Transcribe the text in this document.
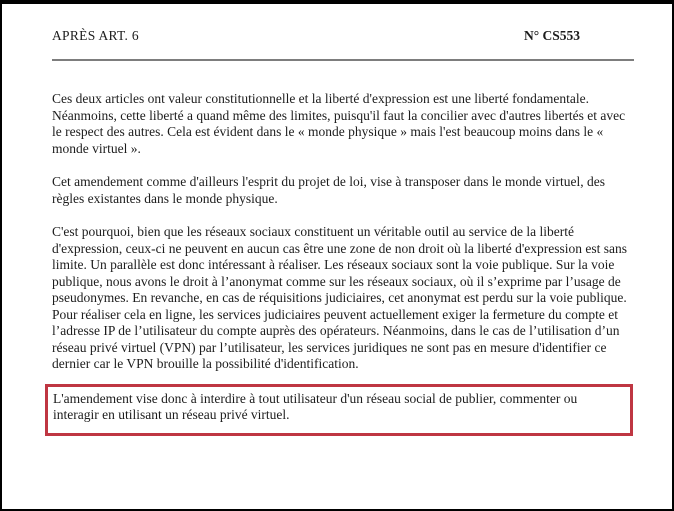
APRÈS ART. 6	N° CS553

Ces deux articles ont valeur constitutionnelle et la liberté d'expression est une liberté fondamentale. Néanmoins, cette liberté a quand même des limites, puisqu'il faut la concilier avec d'autres libertés et avec le respect des autres. Cela est évident dans le « monde physique » mais l'est beaucoup moins dans le « monde virtuel ».

Cet amendement comme d'ailleurs l'esprit du projet de loi, vise à transposer dans le monde virtuel, des règles existantes dans le monde physique.

C'est pourquoi, bien que les réseaux sociaux constituent un véritable outil au service de la liberté d'expression, ceux-ci ne peuvent en aucun cas être une zone de non droit où la liberté d'expression est sans limite. Un parallèle est donc intéressant à réaliser. Les réseaux sociaux sont la voie publique. Sur la voie publique, nous avons le droit à l’anonymat comme sur les réseaux sociaux, où il s’exprime par l’usage de pseudonymes. En revanche, en cas de réquisitions judiciaires, cet anonymat est perdu sur la voie publique. Pour réaliser cela en ligne, les services judiciaires peuvent actuellement exiger la fermeture du compte et l’adresse IP de l’utilisateur du compte auprès des opérateurs. Néanmoins, dans le cas de l’utilisation d’un réseau privé virtuel (VPN) par l’utilisateur, les services juridiques ne sont pas en mesure d'identifier ce dernier car le VPN brouille la possibilité d'identification.

L'amendement vise donc à interdire à tout utilisateur d'un réseau social de publier, commenter ou interagir en utilisant un réseau privé virtuel.
